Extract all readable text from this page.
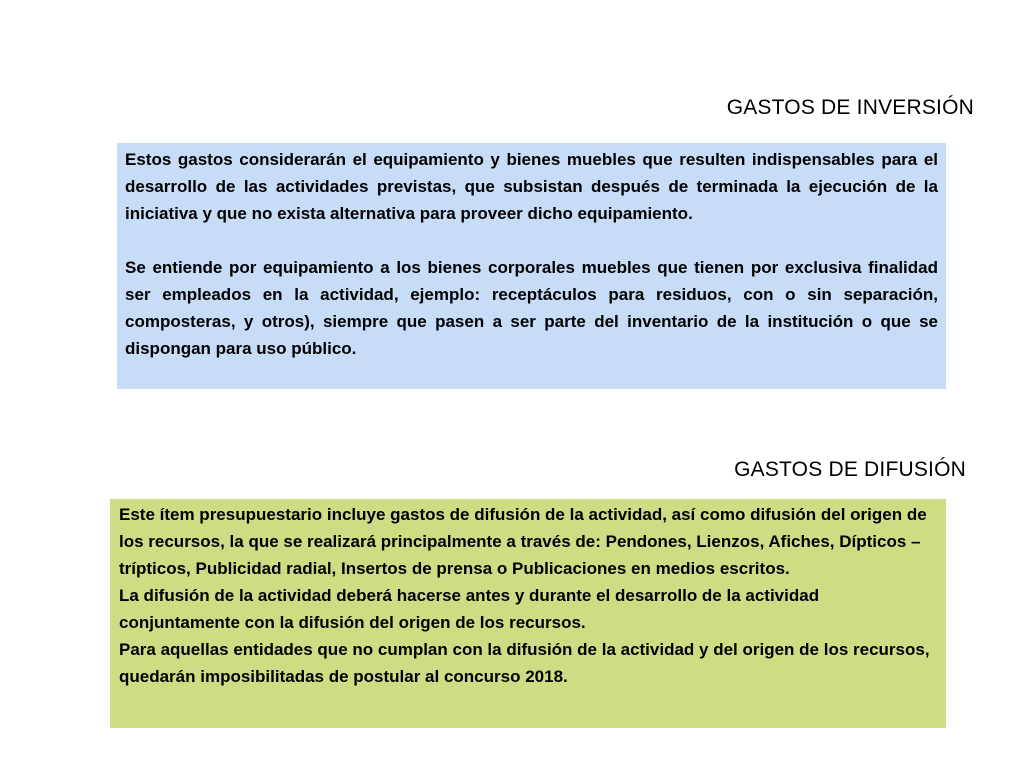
GASTOS DE INVERSIÓN

Estos gastos considerarán el equipamiento y bienes muebles que resulten indispensables para el desarrollo de las actividades previstas, que subsistan después de terminada la ejecución de la iniciativa y que no exista alternativa para proveer dicho equipamiento.

Se entiende por equipamiento a los bienes corporales muebles que tienen por exclusiva finalidad ser empleados en la actividad, ejemplo: receptáculos para residuos, con o sin separación, composteras, y otros), siempre que pasen a ser parte del inventario de la institución o que se dispongan para uso público.

GASTOS DE DIFUSIÓN

Este ítem presupuestario incluye gastos de difusión de la actividad, así como difusión del origen de los recursos, la que se realizará principalmente a través de: Pendones, Lienzos, Afiches, Dípticos – trípticos, Publicidad radial, Insertos de prensa o Publicaciones en medios escritos.

La difusión de la actividad deberá hacerse antes y durante el desarrollo de la actividad conjuntamente con la difusión del origen de los recursos.

Para aquellas entidades que no cumplan con la difusión de la actividad y del origen de los recursos, quedarán imposibilitadas de postular al concurso 2018.
